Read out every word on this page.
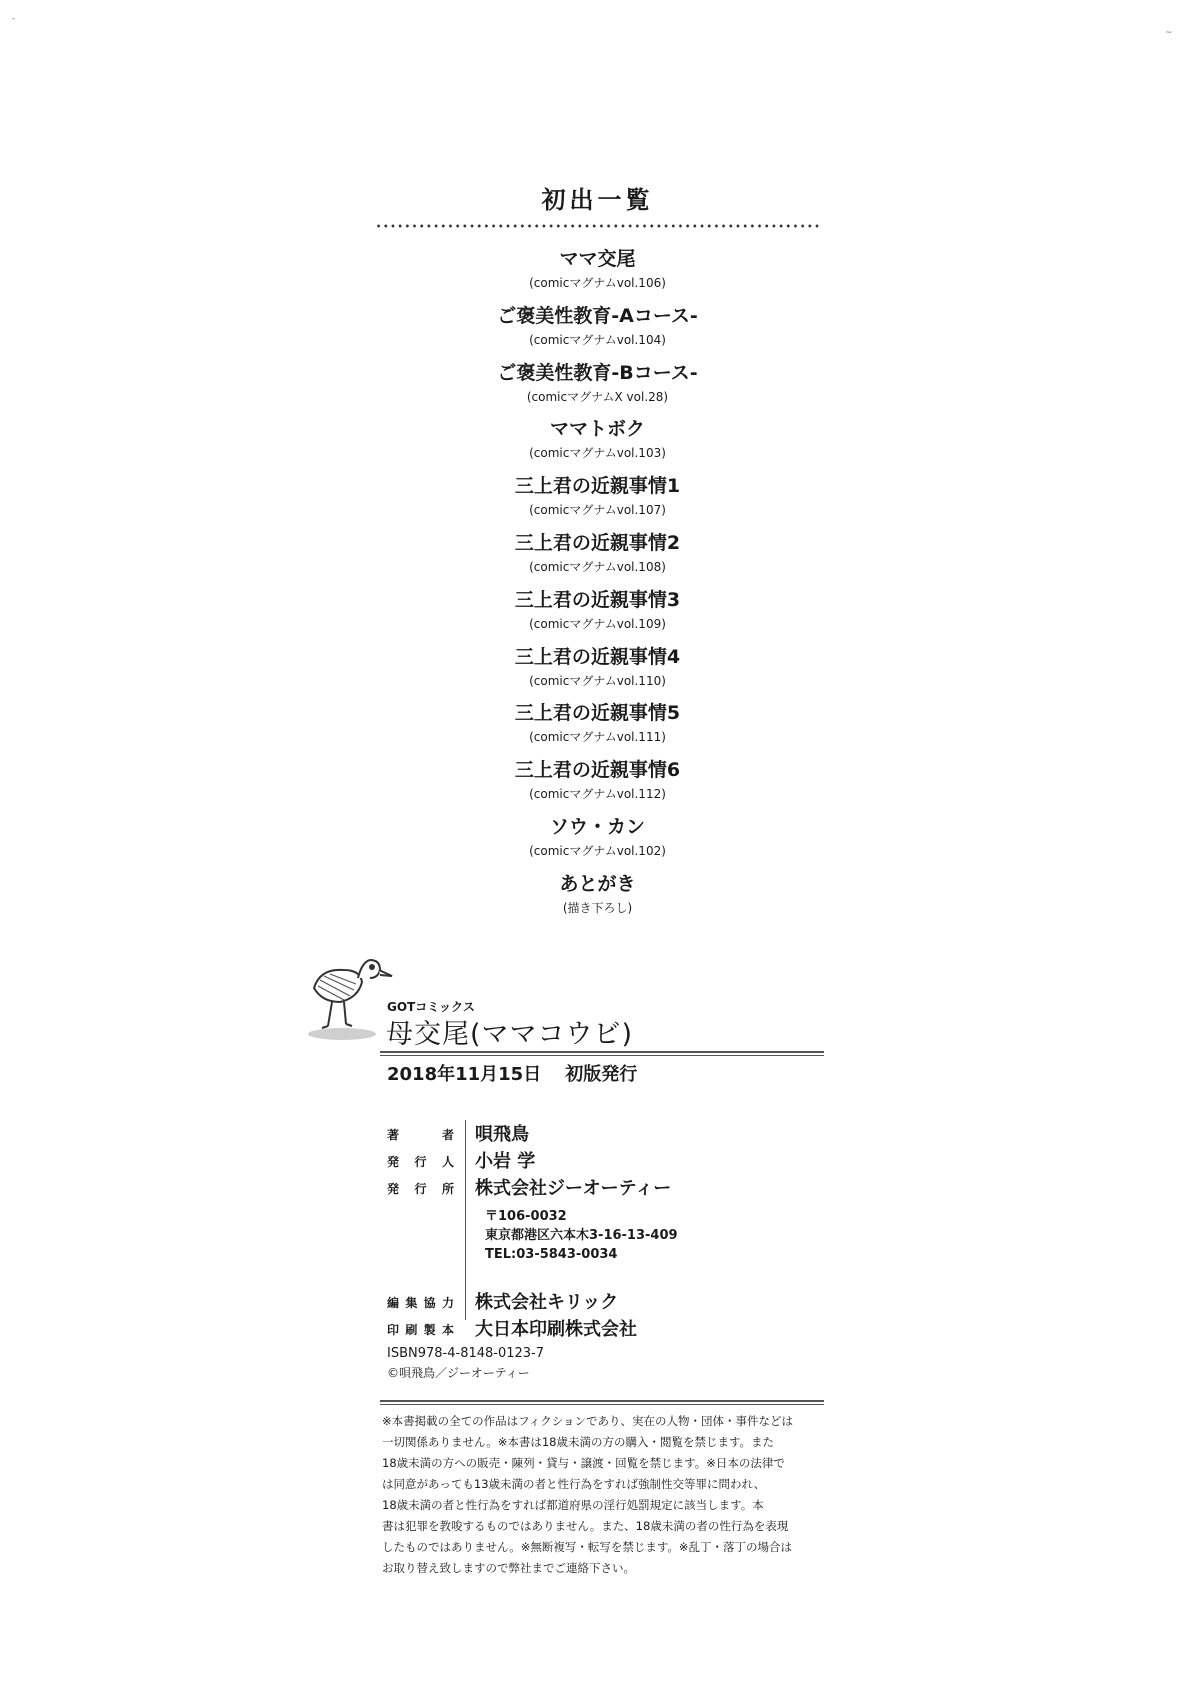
-
~
初出一覧
ママ交尾
(comicマグナムvol.106)
ご褒美性教育-Aコース-
(comicマグナムvol.104)
ご褒美性教育-Bコース-
(comicマグナムX vol.28)
ママトボク
(comicマグナムvol.103)
三上君の近親事情1
(comicマグナムvol.107)
三上君の近親事情2
(comicマグナムvol.108)
三上君の近親事情3
(comicマグナムvol.109)
三上君の近親事情4
(comicマグナムvol.110)
三上君の近親事情5
(comicマグナムvol.111)
三上君の近親事情6
(comicマグナムvol.112)
ソウ・カン
(comicマグナムvol.102)
あとがき
(描き下ろし)
GOTコミックス
母交尾(ママコウビ)
2018年11月15日 初版発行
著	者 唄飛鳥
発 行 人 小岩 学
発 行 所 株式会社ジーオーティー
編 集 協 力 株式会社キリック
印 刷 製 本 大日本印刷株式会社
〒106-0032
東京都港区六本木3-16-13-409
TEL:03-5843-0034
ISBN978-4-8148-0123-7
©唄飛鳥／ジーオーティー
※本書掲載の全ての作品はフィクションであり、実在の人物・団体・事件などは
一切関係ありません。※本書は18歳未満の方の購入・閲覧を禁じます。また
18歳未満の方への販売・陳列・貸与・譲渡・回覧を禁じます。※日本の法律で
は同意があっても13歳未満の者と性行為をすれば強制性交等罪に問われ、
18歳未満の者と性行為をすれば都道府県の淫行処罰規定に該当します。本
書は犯罪を教唆するものではありません。また、18歳未満の者の性行為を表現
したものではありません。※無断複写・転写を禁じます。※乱丁・落丁の場合は
お取り替え致しますので弊社までご連絡下さい。
